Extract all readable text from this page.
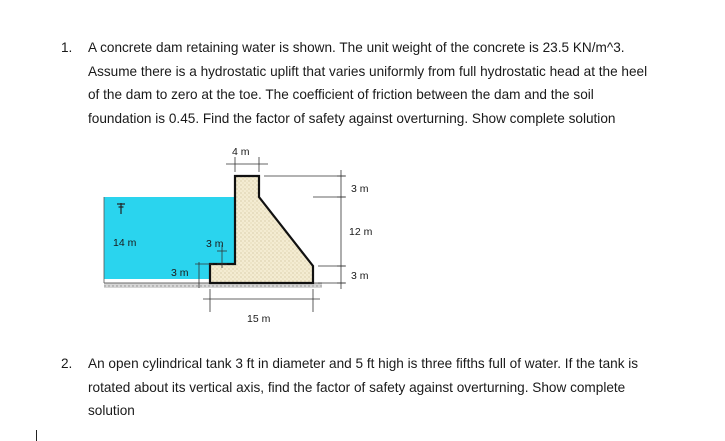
1. A concrete dam retaining water is shown. The unit weight of the concrete is 23.5 KN/m^3.

Assume there is a hydrostatic uplift that varies uniformly from full hydrostatic head at the heel

of the dam to zero at the toe. The coefficient of friction between the dam and the soil

foundation is 0.45. Find the factor of safety against overturning. Show complete solution

4 m
14 m	3 m
3 m
3 m
12 m
3 m
15 m
2. An open cylindrical tank 3 ft in diameter and 5 ft high is three fifths full of water. If the tank is

rotated about its vertical axis, find the factor of safety against overturning. Show complete

solution
